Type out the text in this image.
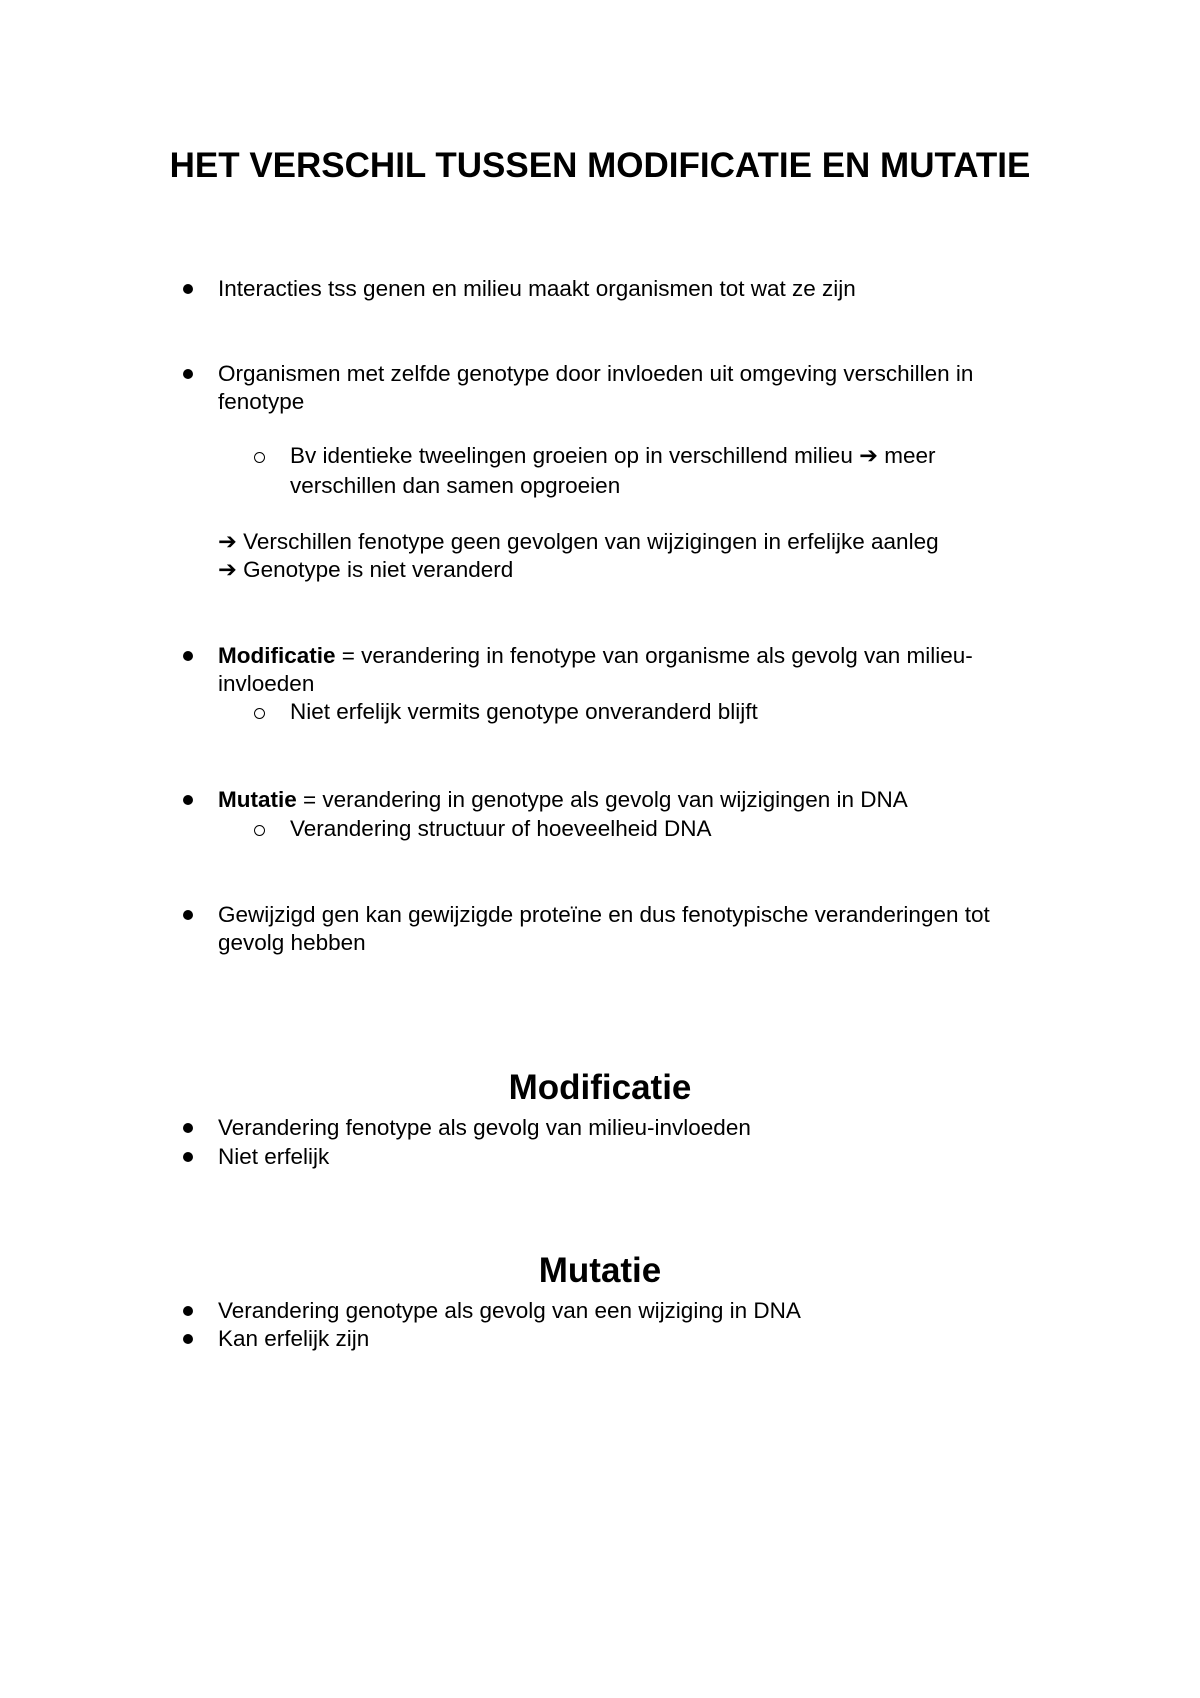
HET VERSCHIL TUSSEN MODIFICATIE EN MUTATIE
Interacties tss genen en milieu maakt organismen tot wat ze zijn
Organismen met zelfde genotype door invloeden uit omgeving verschillen in
fenotype
Bv identieke tweelingen groeien op in verschillend milieu ➔ meer
verschillen dan samen opgroeien
➔ Verschillen fenotype geen gevolgen van wijzigingen in erfelijke aanleg
➔ Genotype is niet veranderd
Modificatie = verandering in fenotype van organisme als gevolg van milieu-
invloeden
Niet erfelijk vermits genotype onveranderd blijft
Mutatie = verandering in genotype als gevolg van wijzigingen in DNA
Verandering structuur of hoeveelheid DNA
Gewijzigd gen kan gewijzigde proteïne en dus fenotypische veranderingen tot
gevolg hebben
Modificatie
Verandering fenotype als gevolg van milieu-invloeden
Niet erfelijk
Mutatie
Verandering genotype als gevolg van een wijziging in DNA
Kan erfelijk zijn
